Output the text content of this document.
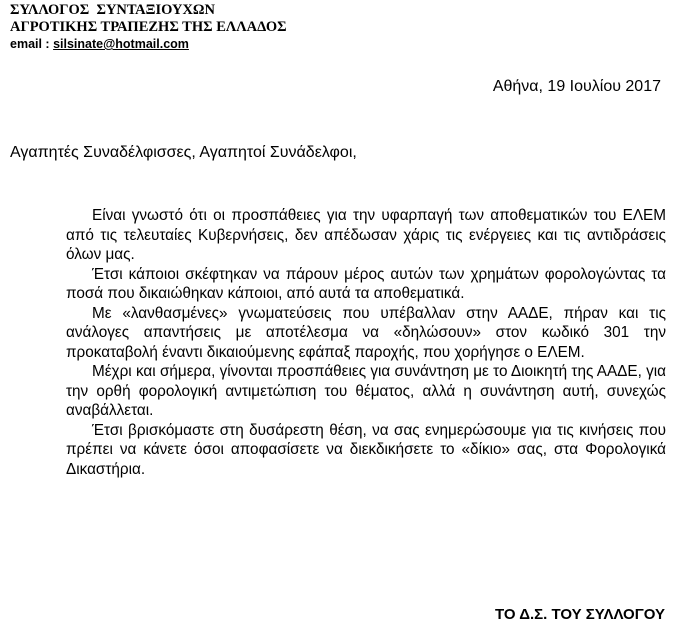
ΣΥΛΛΟΓΟΣ  ΣΥΝΤΑΞΙΟΥΧΩΝ
ΑΓΡΟΤΙΚΗΣ ΤΡΑΠΕΖΗΣ ΤΗΣ ΕΛΛΑΔΟΣ
email : silsinate@hotmail.com
Αθήνα, 19 Ιουλίου 2017
Αγαπητές Συναδέλφισσες, Αγαπητοί Συνάδελφοι,

Είναι γνωστό ότι οι προσπάθειες για την υφαρπαγή των αποθεματικών του ΕΛΕΜ από τις τελευταίες Κυβερνήσεις, δεν απέδωσαν χάρις τις ενέργειες και τις αντιδράσεις όλων μας.

Έτσι κάποιοι σκέφτηκαν να πάρουν μέρος αυτών των χρημάτων φορολογώντας τα ποσά που δικαιώθηκαν κάποιοι, από αυτά τα αποθεματικά.

Με «λανθασμένες» γνωματεύσεις που υπέβαλλαν στην ΑΑΔΕ, πήραν και τις ανάλογες απαντήσεις με αποτέλεσμα να «δηλώσουν» στον κωδικό 301 την προκαταβολή έναντι δικαιούμενης εφάπαξ παροχής, που χορήγησε ο ΕΛΕΜ.

Μέχρι και σήμερα, γίνονται προσπάθειες για συνάντηση με το Διοικητή της ΑΑΔΕ, για την ορθή φορολογική αντιμετώπιση του θέματος, αλλά η συνάντηση αυτή, συνεχώς αναβάλλεται.

Έτσι βρισκόμαστε στη δυσάρεστη θέση, να σας ενημερώσουμε για τις κινήσεις που πρέπει να κάνετε όσοι αποφασίσετε να διεκδικήσετε το «δίκιο» σας, στα Φορολογικά Δικαστήρια.

ΤΟ Δ.Σ. ΤΟΥ ΣΥΛΛΟΓΟΥ
